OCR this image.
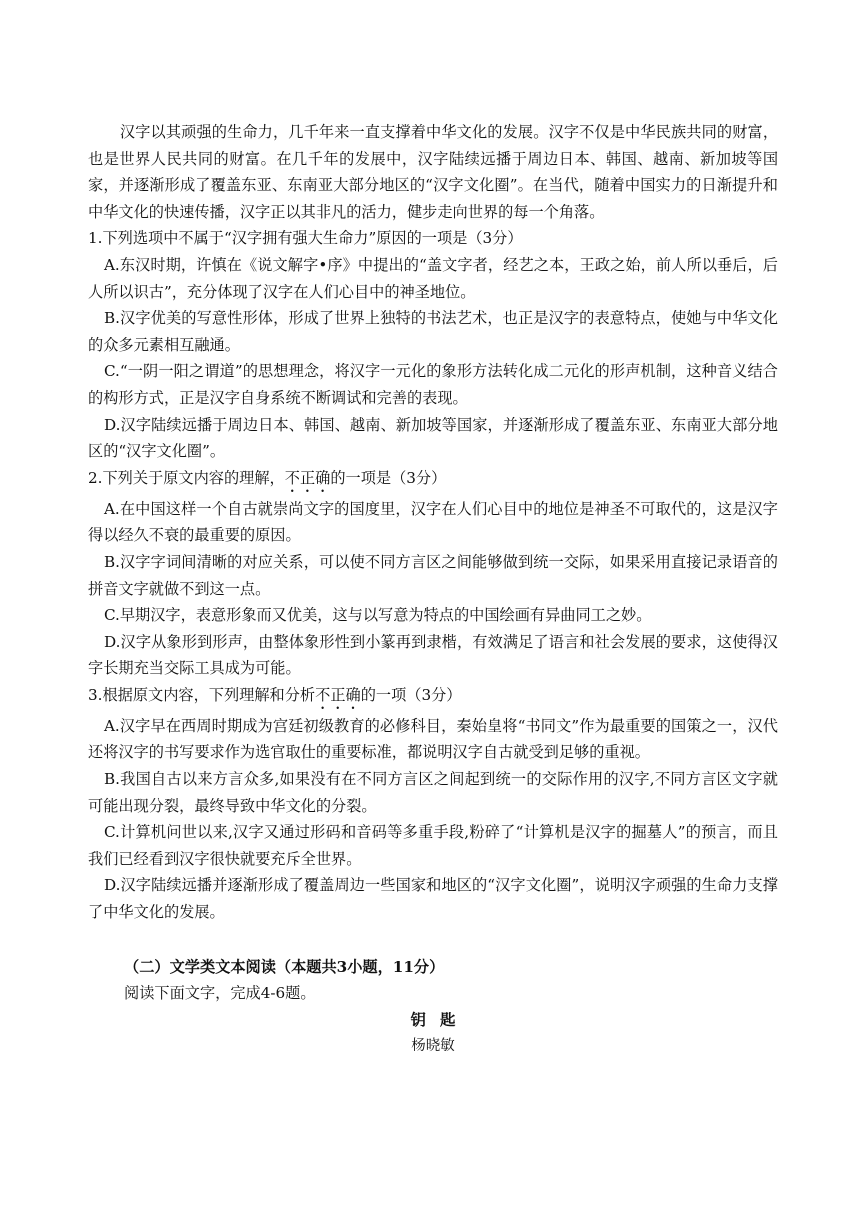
汉字以其顽强的生命力，几千年来一直支撑着中华文化的发展。汉字不仅是中华民族共同的财富，也是世界人民共同的财富。在几千年的发展中，汉字陆续远播于周边日本、韩国、越南、新加坡等国家，并逐渐形成了覆盖东亚、东南亚大部分地区的“汉字文化圈”。在当代，随着中国实力的日渐提升和中华文化的快速传播，汉字正以其非凡的活力，健步走向世界的每一个角落。

1.下列选项中不属于“汉字拥有强大生命力”原因的一项是（3分）

A.东汉时期，许慎在《说文解字•序》中提出的“盖文字者，经艺之本，王政之始，前人所以垂后，后人所以识古”，充分体现了汉字在人们心目中的神圣地位。

B.汉字优美的写意性形体，形成了世界上独特的书法艺术，也正是汉字的表意特点，使她与中华文化的众多元素相互融通。

C.“一阴一阳之谓道”的思想理念，将汉字一元化的象形方法转化成二元化的形声机制，这种音义结合的构形方式，正是汉字自身系统不断调试和完善的表现。

D.汉字陆续远播于周边日本、韩国、越南、新加坡等国家，并逐渐形成了覆盖东亚、东南亚大部分地区的“汉字文化圈”。

2.下列关于原文内容的理解，不正确的一项是（3分）

A.在中国这样一个自古就崇尚文字的国度里，汉字在人们心目中的地位是神圣不可取代的，这是汉字得以经久不衰的最重要的原因。

B.汉字字词间清晰的对应关系，可以使不同方言区之间能够做到统一交际，如果采用直接记录语音的拼音文字就做不到这一点。

C.早期汉字，表意形象而又优美，这与以写意为特点的中国绘画有异曲同工之妙。

D.汉字从象形到形声，由整体象形性到小篆再到隶楷，有效满足了语言和社会发展的要求，这使得汉字长期充当交际工具成为可能。

3.根据原文内容，下列理解和分析不正确的一项（3分）

A.汉字早在西周时期成为宫廷初级教育的必修科目，秦始皇将“书同文”作为最重要的国策之一，汉代还将汉字的书写要求作为选官取仕的重要标准，都说明汉字自古就受到足够的重视。

B.我国自古以来方言众多,如果没有在不同方言区之间起到统一的交际作用的汉字,不同方言区文字就可能出现分裂，最终导致中华文化的分裂。

C.计算机问世以来,汉字又通过形码和音码等多重手段,粉碎了“计算机是汉字的掘墓人”的预言，而且我们已经看到汉字很快就要充斥全世界。

D.汉字陆续远播并逐渐形成了覆盖周边一些国家和地区的“汉字文化圈”，说明汉字顽强的生命力支撑了中华文化的发展。

（二）文学类文本阅读（本题共3小题，11分）

阅读下面文字，完成4-6题。

钥匙

杨晓敏
